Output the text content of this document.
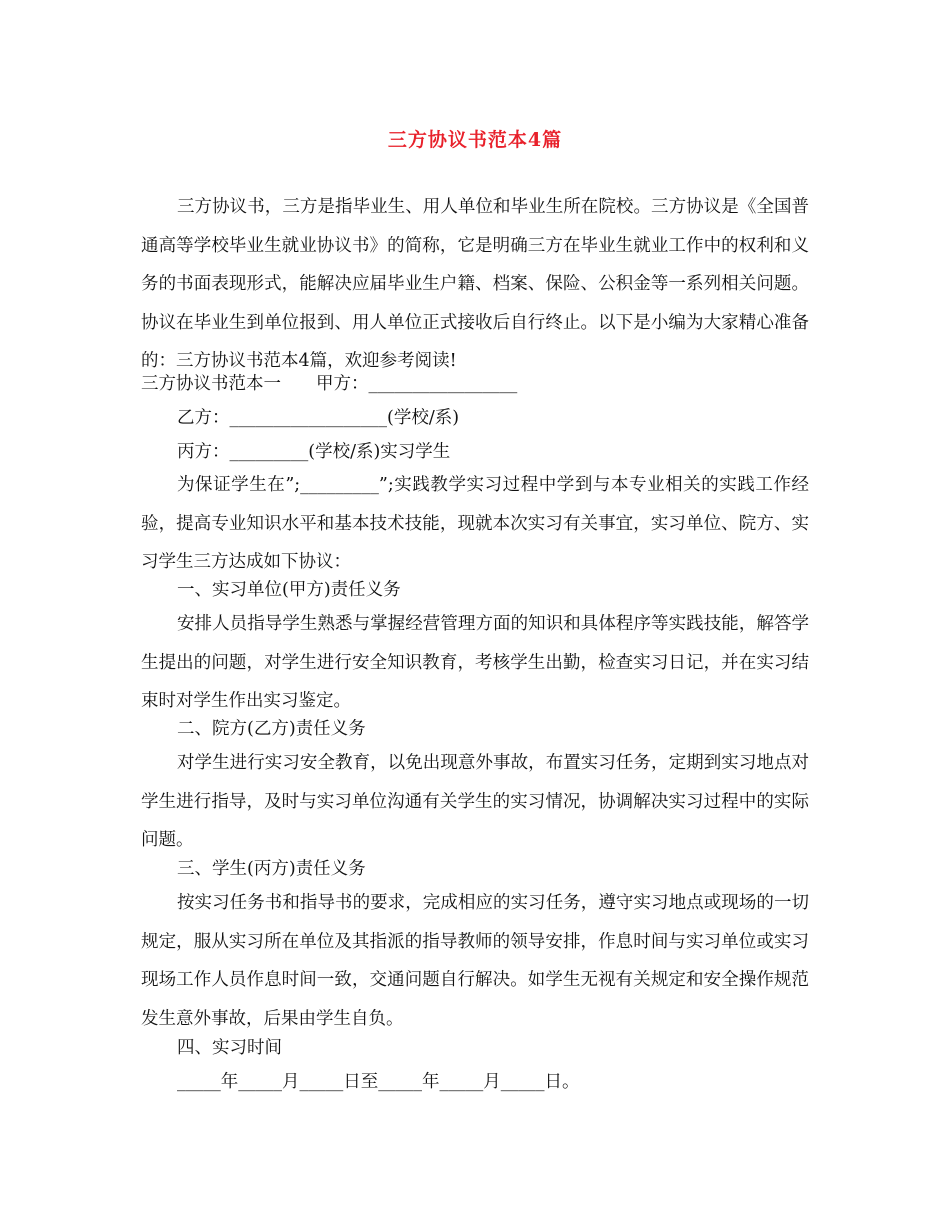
三方协议书范本4篇

三方协议书，三方是指毕业生、用人单位和毕业生所在院校。三方协议是《全国普通高等学校毕业生就业协议书》的简称，它是明确三方在毕业生就业工作中的权利和义务的书面表现形式，能解决应届毕业生户籍、档案、保险、公积金等一系列相关问题。协议在毕业生到单位报到、用人单位正式接收后自行终止。以下是小编为大家精心准备的：三方协议书范本4篇，欢迎参考阅读!

三方协议书范本一　　甲方：_________________
乙方：__________________(学校/系)
丙方：_________(学校/系)实习学生

为保证学生在”;_________”;实践教学实习过程中学到与本专业相关的实践工作经验，提高专业知识水平和基本技术技能，现就本次实习有关事宜，实习单位、院方、实习学生三方达成如下协议：

一、实习单位(甲方)责任义务

安排人员指导学生熟悉与掌握经营管理方面的知识和具体程序等实践技能，解答学生提出的问题，对学生进行安全知识教育，考核学生出勤，检查实习日记，并在实习结束时对学生作出实习鉴定。

二、院方(乙方)责任义务

对学生进行实习安全教育，以免出现意外事故，布置实习任务，定期到实习地点对学生进行指导，及时与实习单位沟通有关学生的实习情况，协调解决实习过程中的实际问题。

三、学生(丙方)责任义务

按实习任务书和指导书的要求，完成相应的实习任务，遵守实习地点或现场的一切规定，服从实习所在单位及其指派的指导教师的领导安排，作息时间与实习单位或实习现场工作人员作息时间一致，交通问题自行解决。如学生无视有关规定和安全操作规范发生意外事故，后果由学生自负。

四、实习时间
_____年_____月_____日至_____年_____月_____日。
